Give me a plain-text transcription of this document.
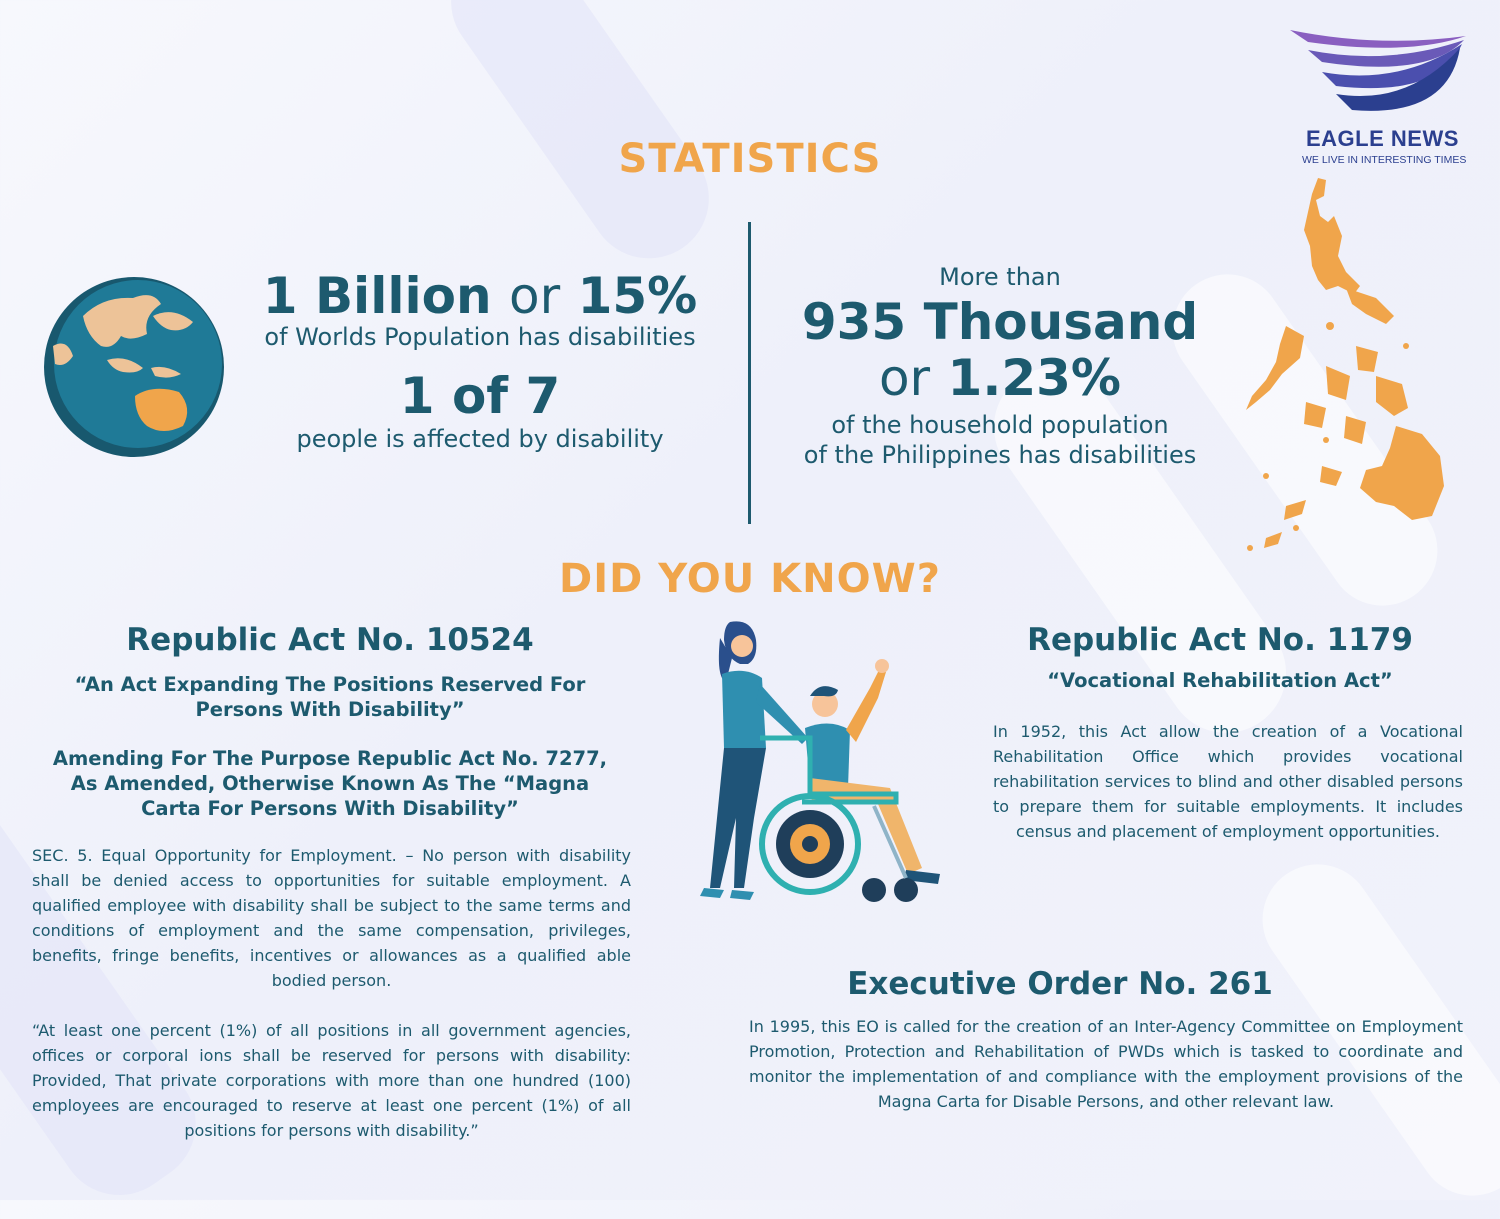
EAGLE NEWS
WE LIVE IN INTERESTING TIMES
STATISTICS
1 Billion or 15%
of Worlds Population has disabilities
1 of 7
people is affected by disability
More than
935 Thousand
or 1.23%
of the household population
of the Philippines has disabilities
DID YOU KNOW?
Republic Act No. 10524
“An Act Expanding The Positions Reserved For
Persons With Disability”
Amending For The Purpose Republic Act No. 7277,
As Amended, Otherwise Known As The “Magna
Carta For Persons With Disability”
SEC. 5. Equal Opportunity for Employment. – No person with disability shall be denied access to opportunities for suitable employment. A qualified employee with disability shall be subject to the same terms and conditions of employment and the same compensation, privileges, benefits, fringe benefits, incentives or allowances as a qualified able bodied person.
“At least one percent (1%) of all positions in all government agencies, offices or corporal ions shall be reserved for persons with disability: Provided, That private corporations with more than one hundred (100) employees are encouraged to reserve at least one percent (1%) of all positions for persons with disability.”
Republic Act No. 1179
“Vocational Rehabilitation Act”
In 1952, this Act allow the creation of a Vocational Rehabilitation Office which provides vocational rehabilitation services to blind and other disabled persons to prepare them for suitable employments. It includes census and placement of employment opportunities.
Executive Order No. 261
In 1995, this EO is called for the creation of an Inter-Agency Committee on Employment Promotion, Protection and Rehabilitation of PWDs which is tasked to coordinate and monitor the implementation of and compliance with the employment provisions of the Magna Carta for Disable Persons, and other relevant law.
